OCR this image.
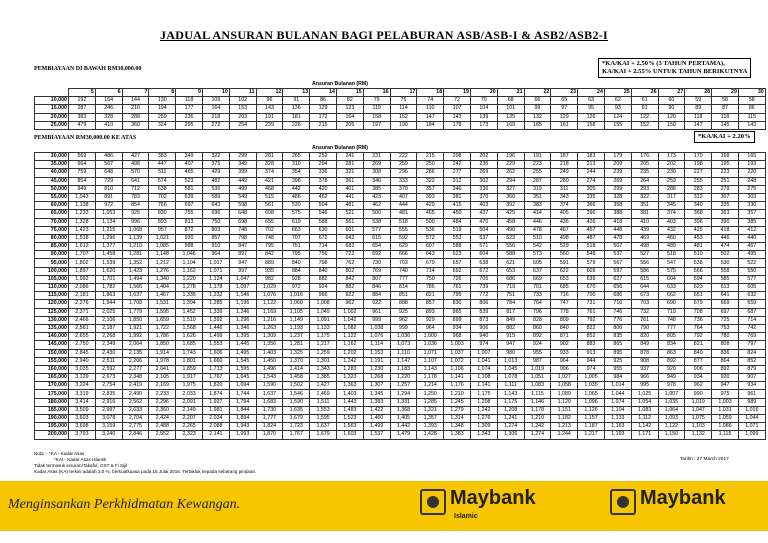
JADUAL ANSURAN BULANAN BAGI PELABURAN ASB/ASB-I & ASB2/ASB2-I
PEMBIAYAAN DI BAWAH RM30,000.00
*KA/KAI + 2.50% (3 TAHUN PERTAMA),
KA/KAI + 2.55% UNTUK TAHUN BERIKUTNYA
Ansuran Bulanan (RM)
	5	6	7	8	9	10	11	12	13	14	15	16	17	18	19	20	21	22	23	24	25	26	27	28	29	30
10,000	192	164	144	130	118	109	102	96	91	86	82	79	76	74	72	70	68	66	65	63	62	61	60	59	58	58
15,000	287	246	216	194	177	164	153	143	136	129	123	119	114	110	107	104	101	99	97	95	93	91	90	89	87	86
20,000	383	328	288	259	236	218	203	191	181	172	164	158	152	147	143	139	135	132	129	126	124	122	120	118	118	115
25,000	479	410	360	324	295	272	254	239	226	215	205	197	190	184	178	173	169	165	161	158	155	152	150	147	145	143
PEMBIAYAAN RM30,000.00 KE ATAS	*KA/KAI + 2.20%
Ansuran Bulanan (RM)
30,000	569	486	427	383	349	322	299	281	265	252	241	231	222	215	208	202	196	191	187	183	179	176	173	170	168	165
35,000	664	567	498	447	407	375	349	328	310	294	281	269	259	250	242	235	229	223	218	213	209	205	202	198	195	193
40,000	759	648	570	511	465	429	399	374	354	336	321	308	296	286	277	269	262	255	249	244	239	235	230	227	223	220
45,000	854	729	641	574	523	482	449	421	398	378	361	346	333	322	312	302	294	287	280	274	269	264	259	255	251	248
50,000	949	810	712	638	581	536	499	468	442	420	401	385	370	357	346	336	327	319	311	305	299	293	288	283	279	275
55,000	1,043	891	783	702	639	589	549	515	486	462	441	423	407	393	381	370	360	351	343	335	328	322	317	312	307	303
60,000	1,138	972	854	766	697	643	598	561	530	504	481	462	444	429	415	403	392	383	374	366	358	351	345	340	335	330
65,000	1,233	1,053	925	830	755	696	648	608	575	546	521	500	481	465	450	437	425	414	405	396	388	381	374	368	363	357
70,000	1,328	1,134	996	893	813	750	698	655	619	588	561	538	518	500	484	470	458	446	436	426	418	410	403	396	390	385
75,000	1,423	1,215	1,068	957	872	803	748	702	663	630	601	577	555	536	519	504	490	478	467	457	448	439	432	425	418	412
80,000	1,518	1,296	1,139	1,021	930	857	798	748	707	672	642	615	592	572	553	537	523	510	498	487	478	469	460	453	446	440
85,000	1,612	1,377	1,210	1,085	988	910	847	795	751	714	682	654	629	607	588	571	556	542	529	518	507	498	489	481	474	467
90,000	1,707	1,458	1,281	1,148	1,046	964	897	842	795	756	722	692	666	643	623	604	588	573	560	548	537	527	518	510	502	495
95,000	1,802	1,539	1,352	1,212	1,104	1,017	947	889	840	798	762	730	703	679	657	638	621	605	591	579	567	556	547	538	530	522
100,000	1,897	1,620	1,423	1,276	1,162	1,071	997	935	884	840	802	769	740	714	692	672	653	637	622	609	597	586	575	566	558	550
105,000	1,992	1,701	1,494	1,340	1,220	1,124	1,047	982	928	882	842	807	777	750	726	705	686	669	653	639	627	615	604	594	585	577
110,000	2,086	1,782	1,566	1,404	1,278	1,178	1,097	1,029	972	924	882	846	814	786	761	739	719	701	685	670	656	644	633	623	613	605
115,000	2,181	1,863	1,637	1,467	1,336	1,232	1,146	1,076	1,016	966	922	884	851	821	795	772	751	733	716	700	686	673	662	651	641	632
120,000	2,276	1,944	1,708	1,531	1,394	1,285	1,196	1,122	1,060	1,008	962	922	888	857	830	806	784	764	747	731	716	703	690	679	669	659
125,000	2,371	2,025	1,779	1,595	1,452	1,339	1,246	1,169	1,105	1,049	1,002	961	925	893	865	839	817	796	778	761	746	732	719	708	697	687
130,000	2,466	2,106	1,850	1,659	1,510	1,392	1,296	1,216	1,149	1,091	1,042	999	962	929	899	873	849	828	809	792	776	761	748	736	725	714
135,000	2,561	2,187	1,921	1,722	1,568	1,446	1,346	1,263	1,193	1,133	1,082	1,038	999	964	934	906	882	860	840	822	806	790	777	764	753	742
140,000	2,655	2,268	1,992	1,786	1,626	1,499	1,395	1,309	1,237	1,175	1,122	1,076	1,036	1,000	968	940	915	892	871	852	835	820	805	792	780	769
145,000	2,750	2,349	2,064	1,850	1,685	1,553	1,445	1,356	1,281	1,217	1,162	1,114	1,073	1,036	1,003	974	947	924	902	883	865	849	834	821	808	797
150,000	2,845	2,430	2,135	1,914	1,743	1,606	1,495	1,403	1,325	1,259	1,202	1,153	1,110	1,071	1,037	1,007	980	955	933	913	895	878	863	849	836	824
155,000	2,940	2,511	2,206	1,978	1,801	1,660	1,545	1,450	1,370	1,301	1,242	1,191	1,147	1,107	1,072	1,041	1,013	987	964	944	925	908	892	877	864	852
160,000	3,035	2,592	2,277	2,041	1,859	1,713	1,595	1,496	1,414	1,343	1,283	1,230	1,183	1,143	1,106	1,074	1,045	1,019	996	974	955	937	920	906	892	879
165,000	3,129	2,673	2,348	2,105	1,917	1,767	1,645	1,543	1,458	1,385	1,323	1,268	1,220	1,178	1,141	1,108	1,078	1,051	1,027	1,005	984	966	949	934	920	907
170,000	3,224	2,754	2,419	2,169	1,975	1,820	1,694	1,590	1,502	1,427	1,363	1,307	1,257	1,214	1,176	1,141	1,111	1,083	1,058	1,035	1,014	995	978	962	947	934
175,000	3,319	2,835	2,490	2,233	2,033	1,874	1,744	1,637	1,546	1,469	1,403	1,345	1,294	1,250	1,210	1,175	1,143	1,115	1,089	1,065	1,044	1,025	1,007	990	975	961
180,000	3,414	2,916	2,562	2,296	2,091	1,927	1,794	1,683	1,590	1,511	1,443	1,383	1,331	1,285	1,245	1,208	1,176	1,146	1,120	1,096	1,074	1,054	1,035	1,019	1,003	989
185,000	3,509	2,997	2,633	2,360	2,149	1,981	1,844	1,730	1,635	1,553	1,483	1,422	1,368	1,321	1,279	1,242	1,208	1,178	1,151	1,126	1,104	1,083	1,064	1,047	1,031	1,016
190,000	3,603	3,078	2,704	2,424	2,207	2,034	1,894	1,777	1,679	1,595	1,523	1,460	1,405	1,357	1,314	1,276	1,241	1,210	1,182	1,157	1,133	1,112	1,093	1,075	1,059	1,044
195,000	3,698	3,159	2,775	2,488	2,265	2,088	1,943	1,824	1,723	1,637	1,563	1,499	1,442	1,393	1,348	1,309	1,274	1,242	1,213	1,187	1,163	1,142	1,122	1,103	1,086	1,071
200,000	3,793	3,240	2,846	2,552	2,323	2,141	1,993	1,870	1,767	1,679	1,603	1,537	1,479	1,428	1,383	1,343	1,306	1,274	1,244	1,217	1,193	1,171	1,150	1,132	1,115	1,099
Nota :- *KA - Kadar Asas
*KAI - Kadar Asas Islamik
Tidak termasuk insuran/Takaful, GST & Fi Sijil
Kadar Asas (KA) terkini adalah 3.0 %, berkuatkuasa pada 15 Julai 2016. Tertakluk kepada sebarang pindaan.
Tarikh : 27 March 2017
Menginsankan Perkhidmatan Kewangan.	Maybank
Islamic
Maybank
